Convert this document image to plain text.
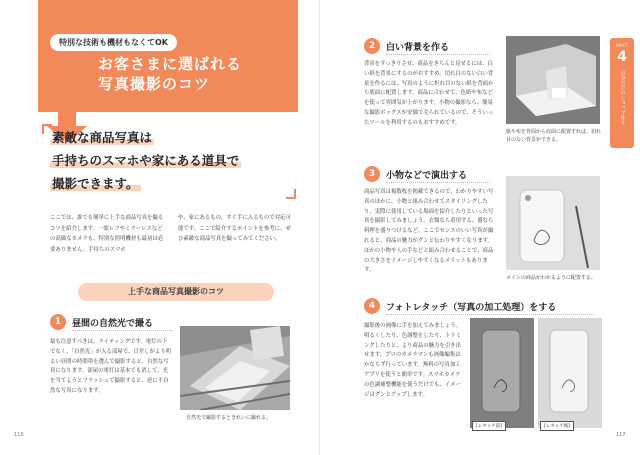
特別な技術も機材もなくてOK
お客さまに選ばれる
写真撮影のコツ
素敵な商品写真は
手持ちのスマホや家にある道具で
撮影できます。
ここでは、誰でも簡単に上手な商品写真を撮るコツを紹介します。一眼レフやミラーレスなどの高価なカメラも、特別な照明機材も最初は必要ありません。手持ちのスマホ
や、家にあるもの、すぐ手に入るもので対応可能です。ここで紹介するポイントを参考に、ぜひ素敵な商品写真を撮ってみてください。
上手な商品写真撮影のコツ
1	昼間の自然光で撮る
最も注意すべきは、ライティングです。電灯の下でなく、「自然光」が入る部屋で、日差しがより明るい昼間の時間帯を選んで撮影すると、自然な写真になります。部屋の電灯は基本でも消して、光を当てようとフラッシュで撮影すると、逆に不自然な写真になります。
自然光で撮影するときれいに撮れる。
116
PART
4
自分だけのショップ作り
2	白い背景を作る
背景をすっきりさせ、商品をきちんと見せるには、白い紙を背景にするのがおすすめ。切れ目のない白い背景を作るには、写真のように折れ目のない紙を背面から底面に配置します。商品に合わせて、色紙や布などを使って雰囲気が上がります。小物の撮影なら、簡易な撮影ボックスが安価で売られているので、そういったツールを利用するのもおすすめです。
紙や布を背面から底面に配置すれば、切れ目のない背景ができる。
3	小物などで演出する
商品写真は複数枚を掲載できるので、わかりやすい写真のほかに、小物と組み合わせてスタイリングしたり、実際に使用している場面を紹介したりといった写真を撮影してみましょう。衣類なら着用する、器なら料理を盛りつけるなど。ここでセンスのいい写真が撮れると、商品の魅力がグンと伝わりやすくなります。ほかの小物や人の手などと組み合わせることで、商品の大きさをイメージしやすくなるメリットもあります。
メインの商品がわかるように配置する。
4	フォトレタッチ（写真の加工処理）をする
撮影後の画像に手を加えてみましょう。明るくしたり、色調整をしたり、トリミングしたりと、より商品の魅力を引き出せます。プロのカメラマンも画像編集はかならず行っています。無料の写真加工アプリを使うと簡単です。スマホカメラの色調補整機能を使うだけでも、イメージはグンとアップします。
[レタッチ前]	[レタッチ後]
117
